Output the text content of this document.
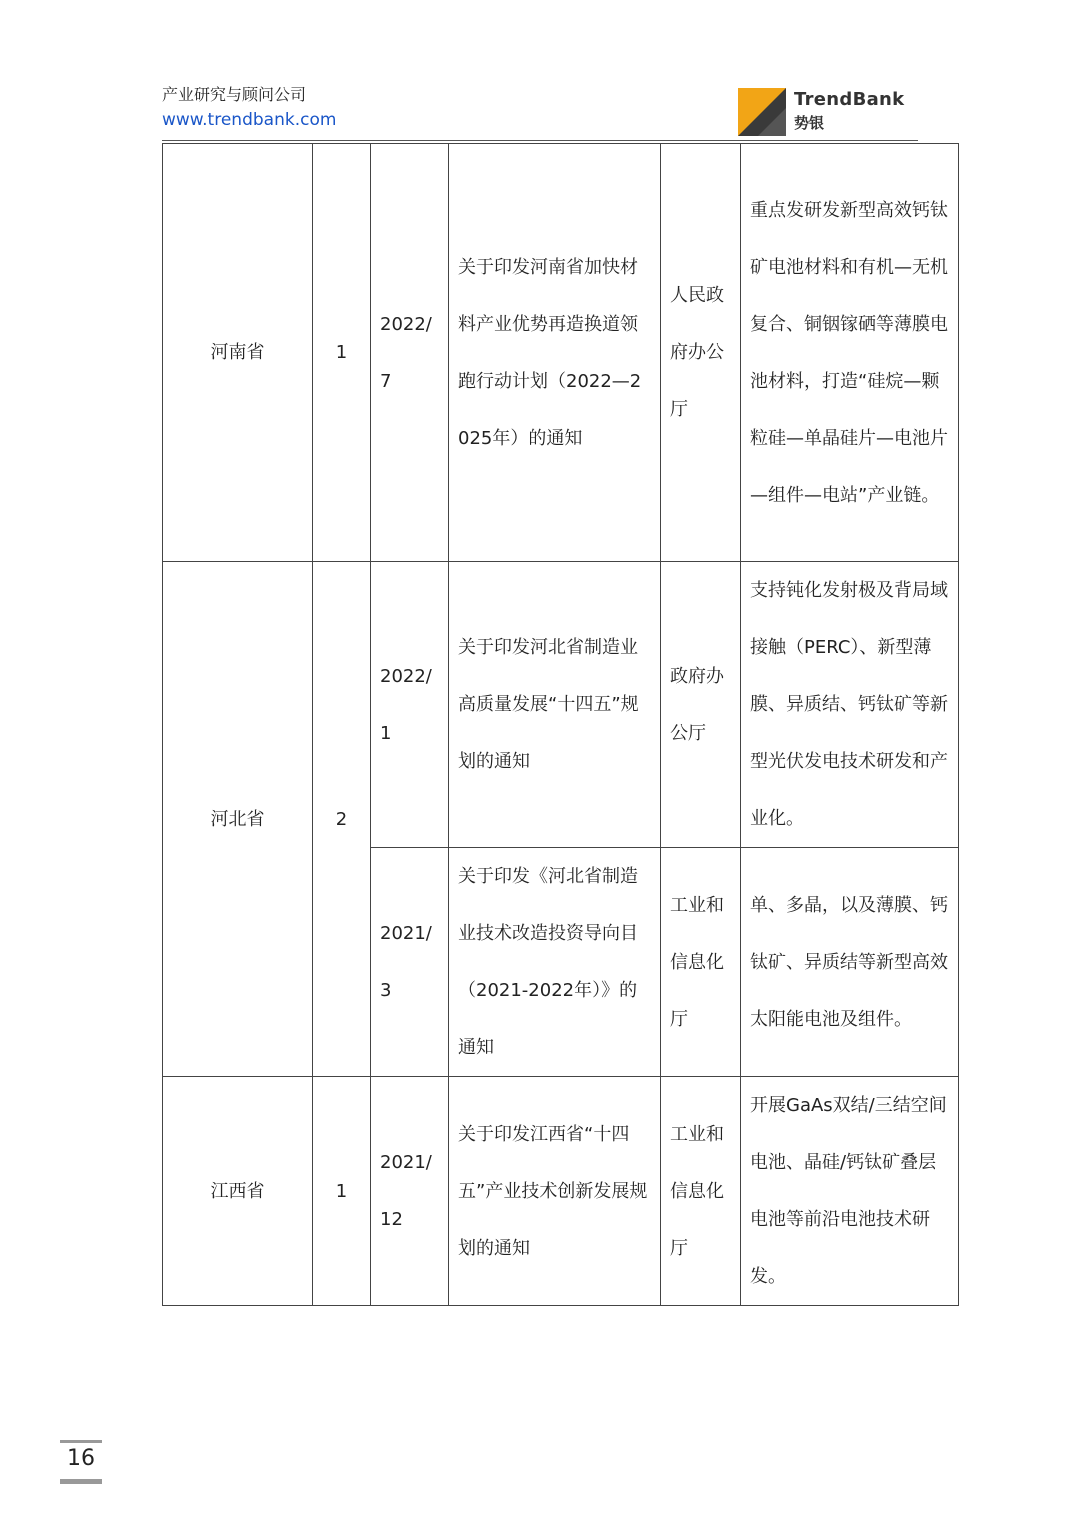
产业研究与顾问公司
www.trendbank.com
TrendBank
势银
河南省	1	2022/7	关于印发河南省加快材料产业优势再造换道领跑行动计划（2022—2025年）的通知	人民政府办公厅	重点发研发新型高效钙钛矿电池材料和有机—无机复合、铜铟镓硒等薄膜电池材料，打造“硅烷—颗粒硅—单晶硅片—电池片—组件—电站”产业链。
河北省	2	2022/1	关于印发河北省制造业高质量发展“十四五”规划的通知	政府办公厅	支持钝化发射极及背局域接触（PERC）、新型薄膜、异质结、钙钛矿等新型光伏发电技术研发和产业化。
		2021/3	关于印发《河北省制造业技术改造投资导向目（2021-2022年）》的通知	工业和信息化厅	单、多晶，以及薄膜、钙钛矿、异质结等新型高效太阳能电池及组件。
江西省	1	2021/12	关于印发江西省“十四五”产业技术创新发展规划的通知	工业和信息化厅	开展GaAs双结/三结空间电池、晶硅/钙钛矿叠层电池等前沿电池技术研发。
16
